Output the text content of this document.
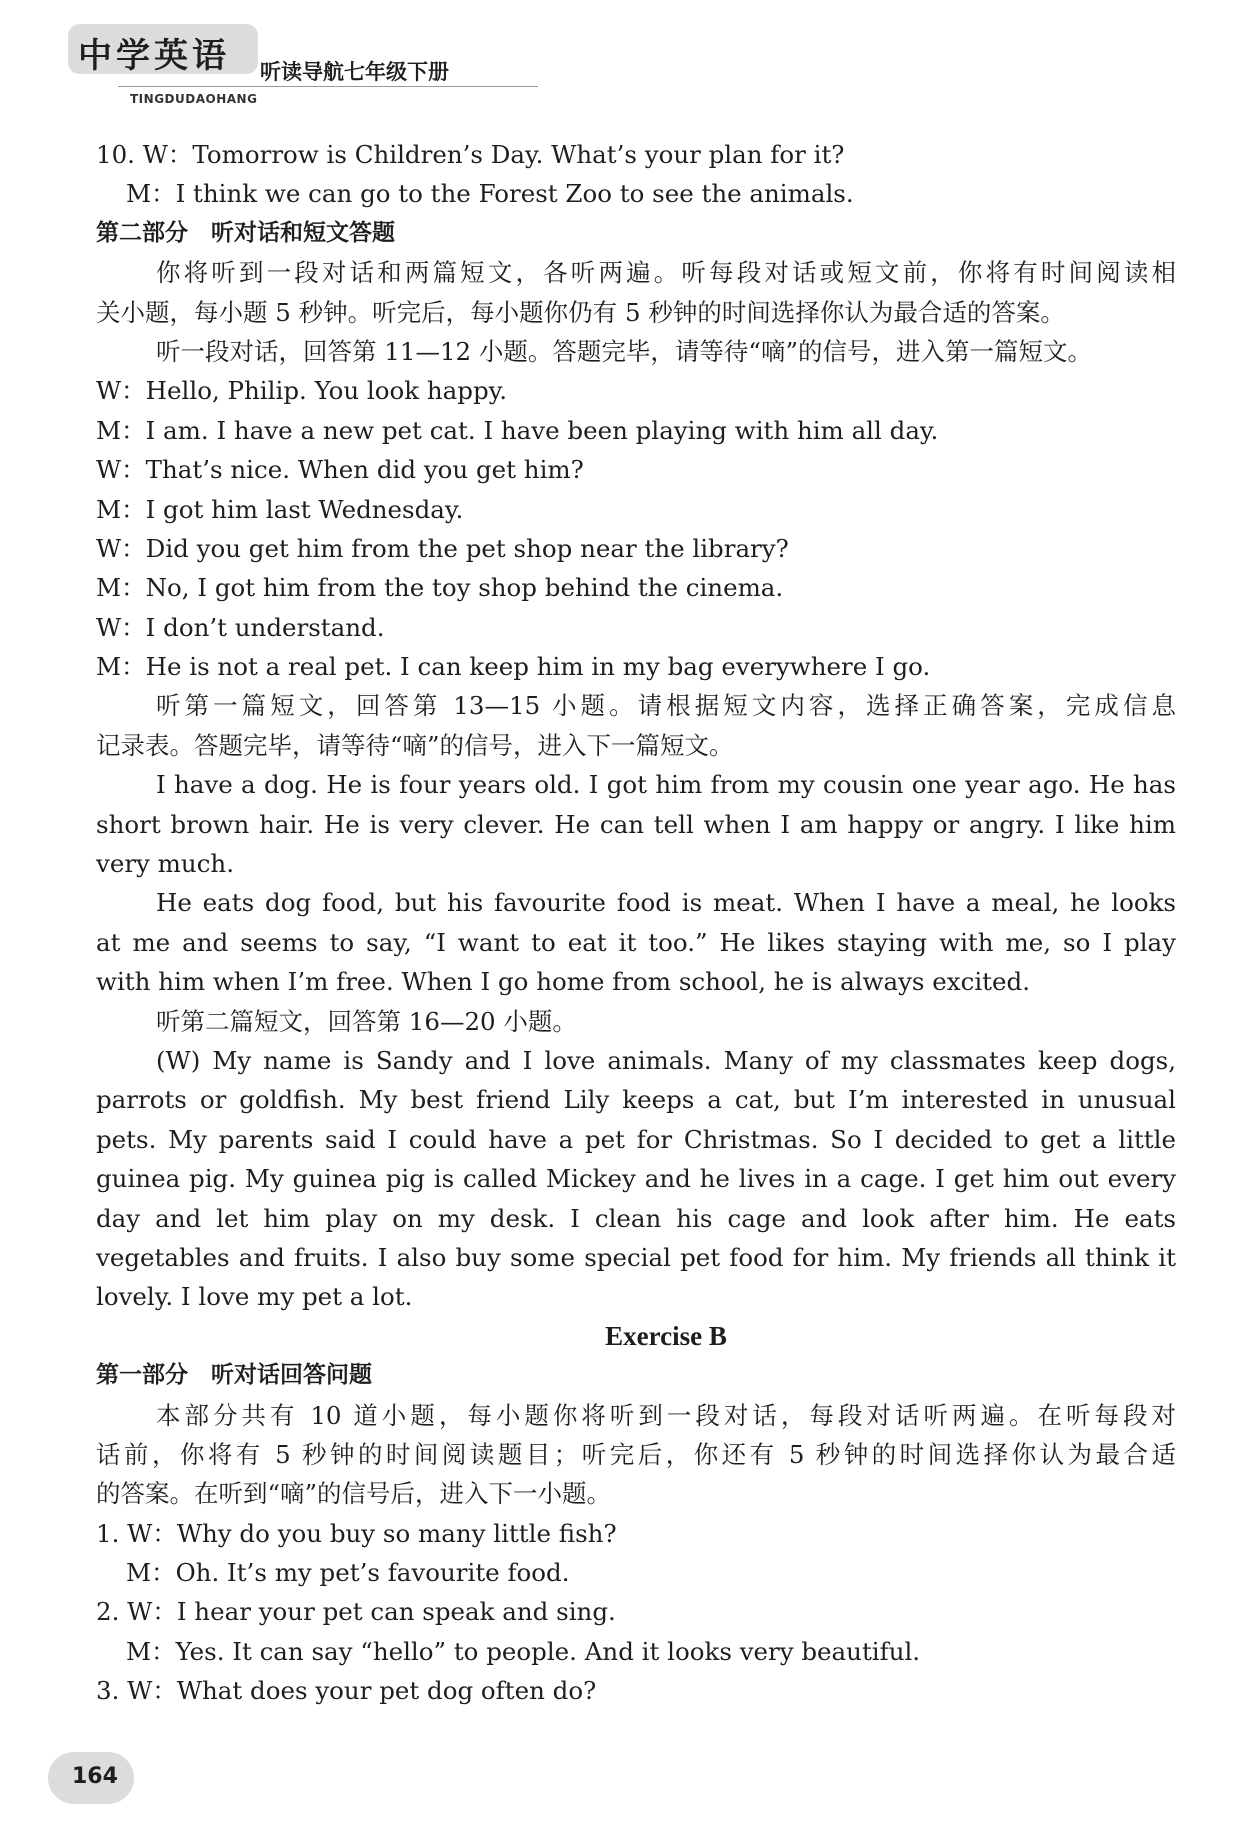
中学英语 听读导航七年级下册
TINGDUDAOHANG
10. W：Tomorrow is Children’s Day. What’s your plan for it?
M：I think we can go to the Forest Zoo to see the animals.
第二部分　听对话和短文答题
你将听到一段对话和两篇短文，各听两遍。听每段对话或短文前，你将有时间阅读相
关小题，每小题 5 秒钟。听完后，每小题你仍有 5 秒钟的时间选择你认为最合适的答案。
听一段对话，回答第 11—12 小题。答题完毕，请等待“嘀”的信号，进入第一篇短文。
W：Hello, Philip. You look happy.
M：I am. I have a new pet cat. I have been playing with him all day.
W：That’s nice. When did you get him?
M：I got him last Wednesday.
W：Did you get him from the pet shop near the library?
M：No, I got him from the toy shop behind the cinema.
W：I don’t understand.
M：He is not a real pet. I can keep him in my bag everywhere I go.
听第一篇短文，回答第 13—15 小题。请根据短文内容，选择正确答案，完成信息
记录表。答题完毕，请等待“嘀”的信号，进入下一篇短文。
I have a dog. He is four years old. I got him from my cousin one year ago. He has
short brown hair. He is very clever. He can tell when I am happy or angry. I like him
very much.
He eats dog food, but his favourite food is meat. When I have a meal, he looks
at me and seems to say, “I want to eat it too.” He likes staying with me, so I play
with him when I’m free. When I go home from school, he is always excited.
听第二篇短文，回答第 16—20 小题。
(W) My name is Sandy and I love animals. Many of my classmates keep dogs,
parrots or goldfish. My best friend Lily keeps a cat, but I’m interested in unusual
pets. My parents said I could have a pet for Christmas. So I decided to get a little
guinea pig. My guinea pig is called Mickey and he lives in a cage. I get him out every
day and let him play on my desk. I clean his cage and look after him. He eats
vegetables and fruits. I also buy some special pet food for him. My friends all think it
lovely. I love my pet a lot.
Exercise B
第一部分　听对话回答问题
本部分共有 10 道小题，每小题你将听到一段对话，每段对话听两遍。在听每段对
话前，你将有 5 秒钟的时间阅读题目；听完后，你还有 5 秒钟的时间选择你认为最合适
的答案。在听到“嘀”的信号后，进入下一小题。
1. W：Why do you buy so many little fish?
M：Oh. It’s my pet’s favourite food.
2. W：I hear your pet can speak and sing.
M：Yes. It can say “hello” to people. And it looks very beautiful.
3. W：What does your pet dog often do?
164
